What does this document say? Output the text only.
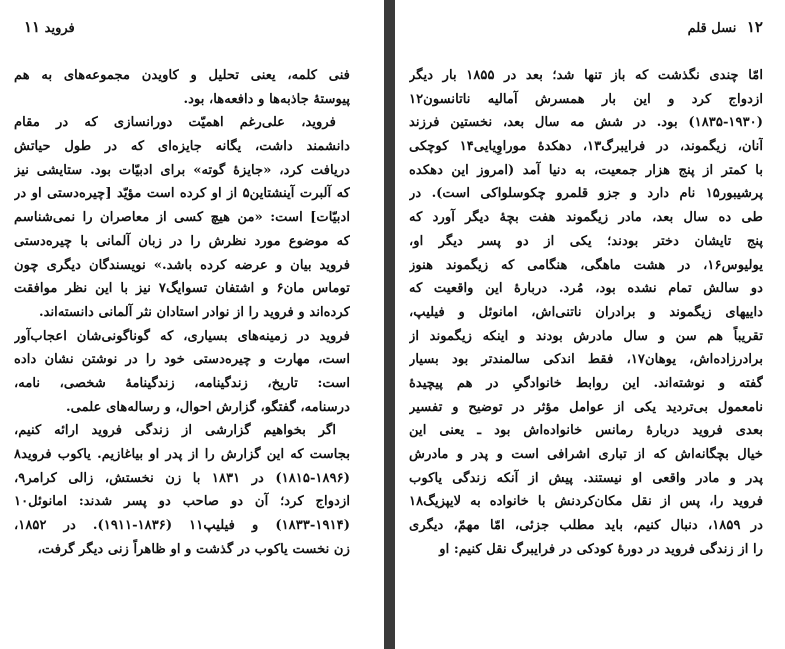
فروید ۱۱
فنی کلمه، یعنی تحلیل و کاویدن مجموعه‌های به هم
پیوستهٔ جاذبه‌ها و دافعه‌ها، بود.
فروید، علی‌رغم اهمیّت دورانسازی که در مقام
دانشمند داشت، یگانه جایزه‌ای که در طول حیاتش
دریافت کرد، «جایزهٔ گوته» برای ادبیّات بود. ستایشی نیز
که آلبرت آینشتاین۵ از او کرده است مؤیّد [چیره‌دستی او در
ادبیّات] است: «من هیچ کسی از معاصران را نمی‌شناسم
که موضوع مورد نظرش را در زبان آلمانی با چیره‌دستی
فروید بیان و عرضه کرده باشد.» نویسندگان دیگری چون
توماس مان۶ و اشتفان تسوایگ۷ نیز با این نظر موافقت
کرده‌اند و فروید را از نوادر استادان نثر آلمانی دانسته‌اند.
فروید در زمینه‌های بسیاری، که گوناگونی‌شان اعجاب‌آور
است، مهارت و چیره‌دستی خود را در نوشتن نشان داده
است: تاریخ، زندگینامه، زندگینامهٔ شخصی، نامه،
درسنامه، گفتگو، گزارش احوال، و رساله‌های علمی.
اگر بخواهیم گزارشی از زندگی فروید ارائه کنیم،
بجاست که این گزارش را از پدر او بیاغازیم. یاکوب فروید۸
(۱۸۱۵-۱۸۹۶) در ۱۸۳۱ با زن نخستش، زالی کرامر۹،
ازدواج کرد؛ آن دو صاحب دو پسر شدند: امانوئل۱۰
(۱۸۳۳-۱۹۱۴) و فیلیپ۱۱ (۱۸۳۶-۱۹۱۱). در ۱۸۵۲،
زن نخست یاکوب در گذشت و او ظاهراً زنی دیگر گرفت،
۱۲ نسل قلم
امّا چندی نگذشت که باز تنها شد؛ بعد در ۱۸۵۵ بار دیگر
ازدواج کرد و این بار همسرش آمالیه ناتانسون۱۲
(۱۸۳۵-۱۹۳۰) بود. در شش مه سال بعد، نخستین فرزند
آنان، زیگموند، در فرایبرگ۱۳، دهکدهٔ موراوِیایی۱۴ کوچکی
با کمتر از پنج هزار جمعیت، به دنیا آمد (امروز این دهکده
پرشیبور۱۵ نام دارد و جزو قلمرو چکوسلواکی است). در
طی ده سال بعد، مادر زیگموند هفت بچهٔ دیگر آورد که
پنج تایشان دختر بودند؛ یکی از دو پسر دیگر او،
یولیوس۱۶، در هشت ماهگی، هنگامی که زیگموند هنوز
دو سالش تمام نشده بود، مُرد. دربارهٔ این واقعیت که
داییهای زیگموند و برادران ناتنی‌اش، امانوئل و فیلیپ،
تقریباً هم سن و سال مادرش بودند و اینکه زیگموند از
برادرزاده‌اش، یوهان۱۷، فقط اندکی سالمندتر بود بسیار
گفته و نوشته‌اند. این روابط خانوادگیِ در هم پیچیدهٔ
نامعمول بی‌تردید یکی از عوامل مؤثر در توضیح و تفسیر
بعدی فروید دربارهٔ رمانس خانواده‌اش بود ـ یعنی این
خیال بچگانه‌اش که از تباری اشرافی است و پدر و مادرش
پدر و مادر واقعی او نیستند. پیش از آنکه زندگی یاکوب
فروید را، پس از نقل مکان‌کردنش با خانواده به لایپزیگ۱۸
در ۱۸۵۹، دنبال کنیم، باید مطلب جزئی، امّا مهمّ، دیگری
را از زندگی فروید در دورهٔ کودکی در فرایبرگ نقل کنیم: او
